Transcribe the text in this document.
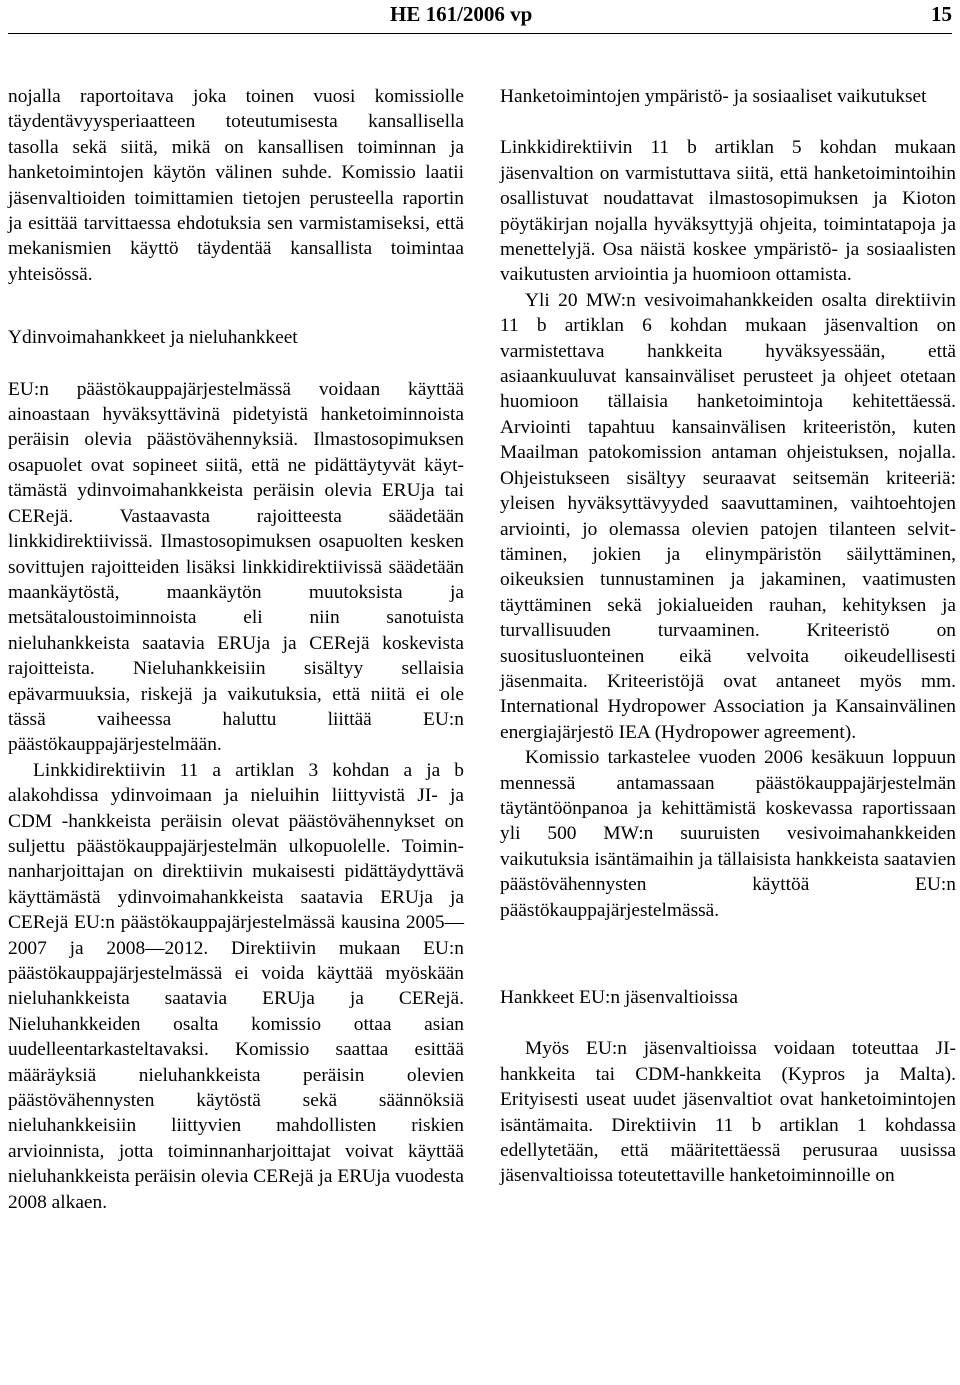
HE 161/2006 vp	15

nojalla raportoitava joka toinen vuosi komissiolle täydentävyysperiaatteen toteutumisesta kansallisella tasolla sekä siitä, mikä on kansallisen toiminnan ja hanketoimintojen käytön välinen suhde. Komissio laatii jäsenvaltioiden toimittamien tietojen perusteella raportin ja esittää tarvittaessa ehdotuksia sen varmistamiseksi, että mekanismien käyttö täydentää kansallista toimintaa yhteisössä.

Ydinvoimahankkeet ja nieluhankkeet

EU:n päästökauppajärjestelmässä voidaan käyttää ainoastaan hyväksyttävinä pidetyistä hanketoiminnoista peräisin olevia päästövähennyksiä. Ilmastosopimuksen osapuolet ovat sopineet siitä, että ne pidättäytyvät käyttämästä ydinvoimahankkeista peräisin olevia ERUja tai CERejä. Vastaavasta rajoitteesta säädetään linkkidirektiivissä. Ilmastosopimuksen osapuolten kesken sovittujen rajoitteiden lisäksi linkkidirektiivissä säädetään maankäytöstä, maankäytön muutoksista ja metsätaloustoiminnoista eli niin sanotuista nieluhankkeista saatavia ERUja ja CERejä koskevista rajoitteista. Nieluhankkeisiin sisältyy sellaisia epävarmuuksia, riskejä ja vaikutuksia, että niitä ei ole tässä vaiheessa haluttu liittää EU:n päästökauppajärjestelmään.

Linkkidirektiivin 11 a artiklan 3 kohdan a ja b alakohdissa ydinvoimaan ja nieluihin liittyvistä JI- ja CDM -hankkeista peräisin olevat päästövähennykset on suljettu päästökauppajärjestelmän ulkopuolelle. Toiminnanharjoittajan on direktiivin mukaisesti pidättäydyttävä käyttämästä ydinvoimahankkeista saatavia ERUja ja CERejä EU:n päästökauppajärjestelmässä kausina 2005—2007 ja 2008—2012. Direktiivin mukaan EU:n päästökauppajärjestelmässä ei voida käyttää myöskään nieluhankkeista saatavia ERUja ja CERejä. Nieluhankkeiden osalta komissio ottaa asian uudelleentarkasteltavaksi. Komissio saattaa esittää määräyksiä nieluhankkeista peräisin olevien päästövähennysten käytöstä sekä säännöksiä nieluhankkeisiin liittyvien mahdollisten riskien arvioinnista, jotta toiminnanharjoittajat voivat käyttää nieluhankkeista peräisin olevia CERejä ja ERUja vuodesta 2008 alkaen.

Hanketoimintojen ympäristö- ja sosiaaliset vaikutukset

Linkkidirektiivin 11 b artiklan 5 kohdan mukaan jäsenvaltion on varmistuttava siitä, että hanketoimintoihin osallistuvat noudattavat ilmastosopimuksen ja Kioton pöytäkirjan nojalla hyväksyttyjä ohjeita, toimintatapoja ja menettelyjä. Osa näistä koskee ympäristö- ja sosiaalisten vaikutusten arviointia ja huomioon ottamista.

Yli 20 MW:n vesivoimahankkeiden osalta direktiivin 11 b artiklan 6 kohdan mukaan jäsenvaltion on varmistettava hankkeita hyväksyessään, että asiaankuuluvat kansainväliset perusteet ja ohjeet otetaan huomioon tällaisia hanketoimintoja kehitettäessä. Arviointi tapahtuu kansainvälisen kriteeristön, kuten Maailman patokomission antaman ohjeistuksen, nojalla. Ohjeistukseen sisältyy seuraavat seitsemän kriteeriä: yleisen hyväksyttävyyded saavuttaminen, vaihtoehtojen arviointi, jo olemassa olevien patojen tilanteen selvittäminen, jokien ja elinympäristön säilyttäminen, oikeuksien tunnustaminen ja jakaminen, vaatimusten täyttäminen sekä jokialueiden rauhan, kehityksen ja turvallisuuden turvaaminen. Kriteeristö on suositusluonteinen eikä velvoita oikeudellisesti jäsenmaita. Kriteeristöjä ovat antaneet myös mm. International Hydropower Association ja Kansainvälinen energiajärjestö IEA (Hydropower agreement).

Komissio tarkastelee vuoden 2006 kesäkuun loppuun mennessä antamassaan päästökauppajärjestelmän täytäntöönpanoa ja kehittämistä koskevassa raportissaan yli 500 MW:n suuruisten vesivoimahankkeiden vaikutuksia isäntämaihin ja tällaisista hankkeista saatavien päästövähennysten käyttöä EU:n päästökauppajärjestelmässä.

Hankkeet EU:n jäsenvaltioissa

Myös EU:n jäsenvaltioissa voidaan toteuttaa JI-hankkeita tai CDM-hankkeita (Kypros ja Malta). Erityisesti useat uudet jäsenvaltiot ovat hanketoimintojen isäntämaita. Direktiivin 11 b artiklan 1 kohdassa edellytetään, että määritettäessä perusuraa uusissa jäsenvaltioissa toteutettaville hanketoiminnoille on
